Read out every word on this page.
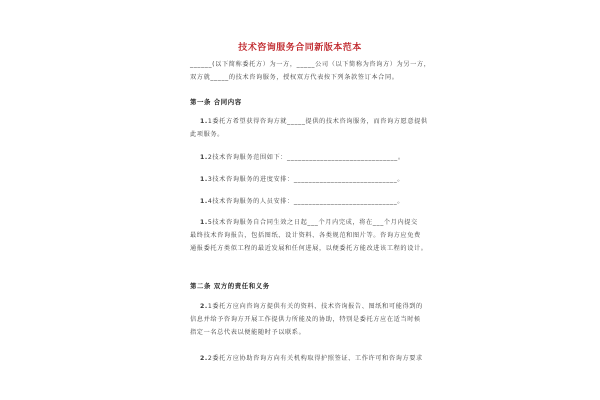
技术咨询服务合同新版本范本
______(以下简称委托方）为一方，_____公司（以下简称为咨询方）为另一方，
双方就_____的技术咨询服务，授权双方代表按下列条款签订本合同。
第一条 合同内容
1.1委托方希望获得咨询方就_____提供的技术咨询服务，而咨询方愿意提供
此项服务。
1.2技术咨询服务范围如下：______________________________。
1.3技术咨询服务的进度安排：____________________________。
1.4技术咨询服务的人员安排：____________________________。
1.5技术咨询服务自合同生效之日起___个月内完成，将在___个月内提交
最终技术咨询报告，包括图纸、设计资料、各类规范和图片等。咨询方应免费
通报委托方类似工程的最近发展和任何进展，以便委托方能改进该工程的设计。
第二条 双方的责任和义务
2.1委托方应向咨询方提供有关的资料、技术咨询报告、图纸和可能得到的
信息并给予咨询方开展工作提供力所能及的协助，特别是委托方应在适当时候
指定一名总代表以便能随时予以联系。
2.2委托方应协助咨询方向有关机构取得护照签证、工作许可和咨询方要求
